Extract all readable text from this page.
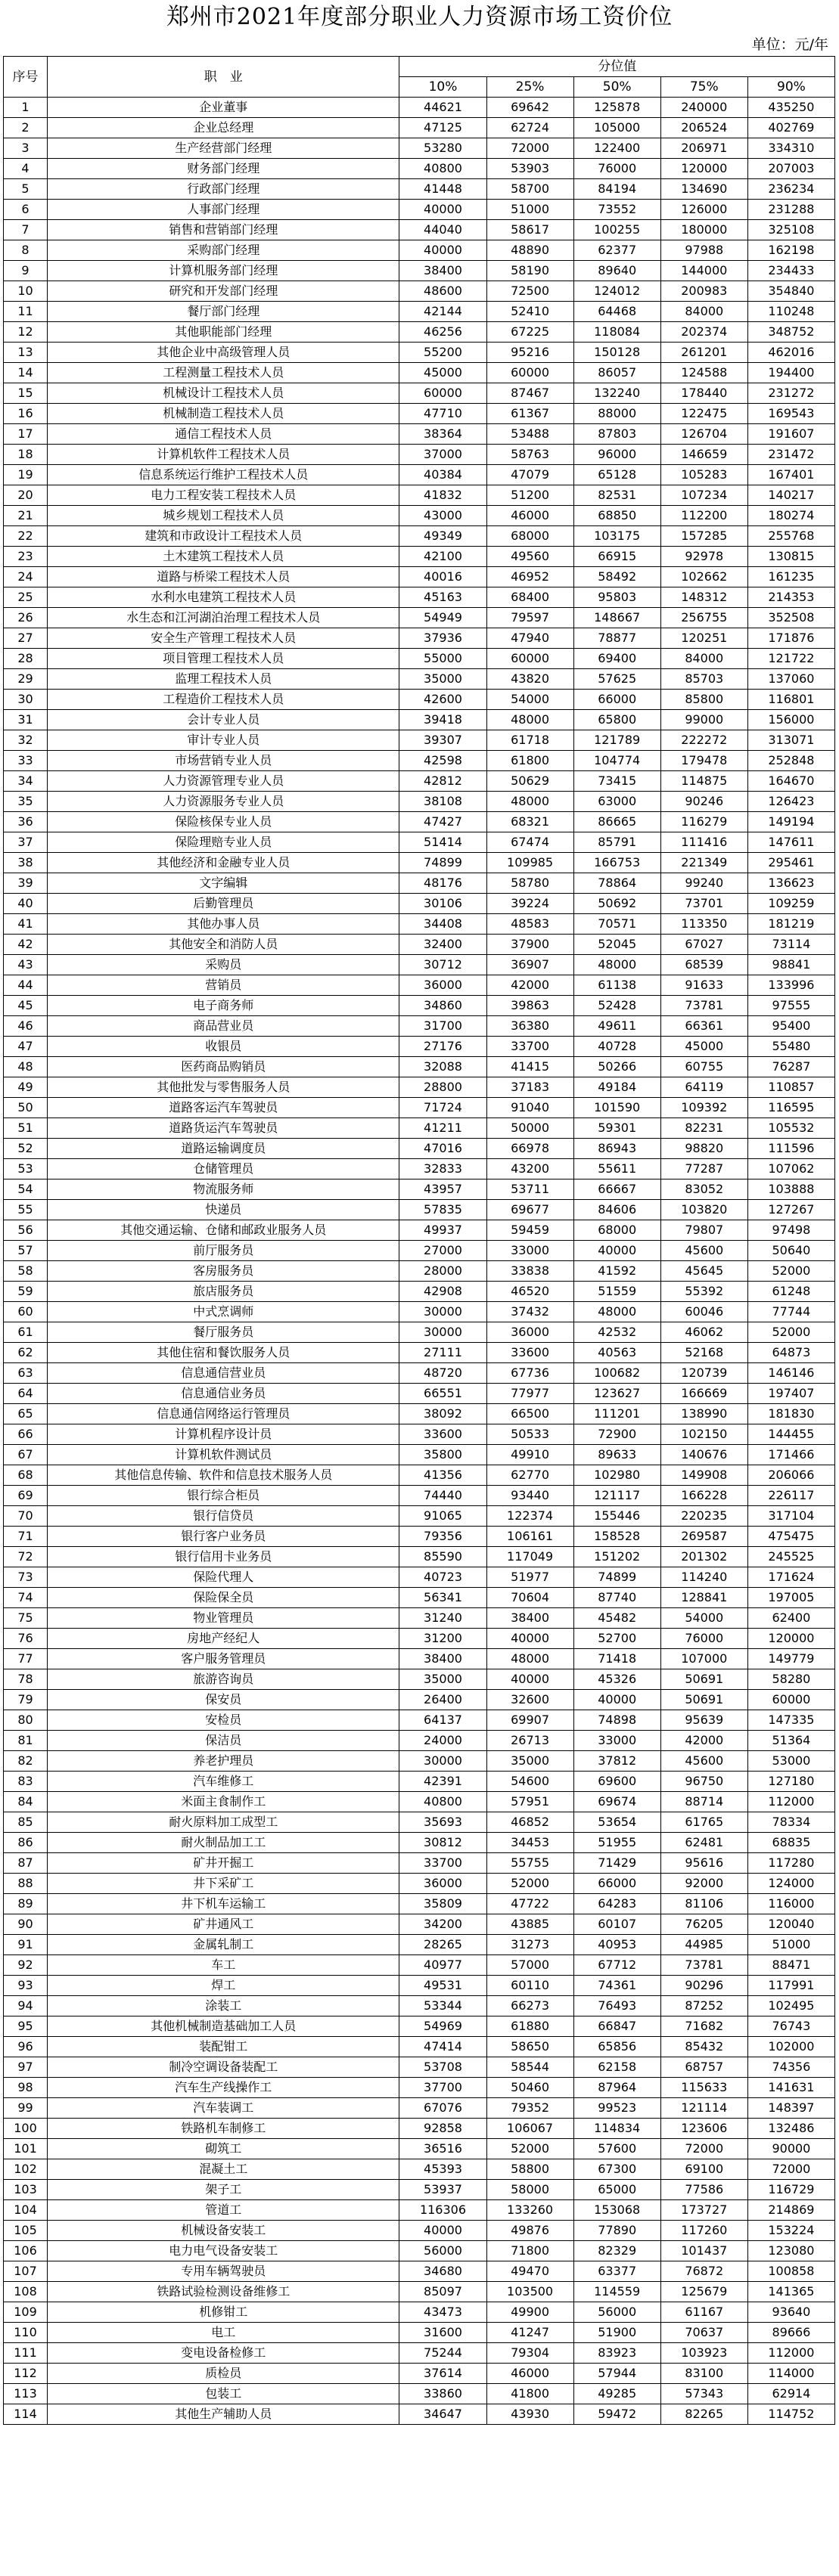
郑州市2021年度部分职业人力资源市场工资价位
单位：元/年
序号	职　业	分位值				
		10%	25%	50%	75%	90%
1	企业董事	44621	69642	125878	240000	435250
2	企业总经理	47125	62724	105000	206524	402769
3	生产经营部门经理	53280	72000	122400	206971	334310
4	财务部门经理	40800	53903	76000	120000	207003
5	行政部门经理	41448	58700	84194	134690	236234
6	人事部门经理	40000	51000	73552	126000	231288
7	销售和营销部门经理	44040	58617	100255	180000	325108
8	采购部门经理	40000	48890	62377	97988	162198
9	计算机服务部门经理	38400	58190	89640	144000	234433
10	研究和开发部门经理	48600	72500	124012	200983	354840
11	餐厅部门经理	42144	52410	64468	84000	110248
12	其他职能部门经理	46256	67225	118084	202374	348752
13	其他企业中高级管理人员	55200	95216	150128	261201	462016
14	工程测量工程技术人员	45000	60000	86057	124588	194400
15	机械设计工程技术人员	60000	87467	132240	178440	231272
16	机械制造工程技术人员	47710	61367	88000	122475	169543
17	通信工程技术人员	38364	53488	87803	126704	191607
18	计算机软件工程技术人员	37000	58763	96000	146659	231472
19	信息系统运行维护工程技术人员	40384	47079	65128	105283	167401
20	电力工程安装工程技术人员	41832	51200	82531	107234	140217
21	城乡规划工程技术人员	43000	46000	68850	112200	180274
22	建筑和市政设计工程技术人员	49349	68000	103175	157285	255768
23	土木建筑工程技术人员	42100	49560	66915	92978	130815
24	道路与桥梁工程技术人员	40016	46952	58492	102662	161235
25	水利水电建筑工程技术人员	45163	68400	95803	148312	214353
26	水生态和江河湖泊治理工程技术人员	54949	79597	148667	256755	352508
27	安全生产管理工程技术人员	37936	47940	78877	120251	171876
28	项目管理工程技术人员	55000	60000	69400	84000	121722
29	监理工程技术人员	35000	43820	57625	85703	137060
30	工程造价工程技术人员	42600	54000	66000	85800	116801
31	会计专业人员	39418	48000	65800	99000	156000
32	审计专业人员	39307	61718	121789	222272	313071
33	市场营销专业人员	42598	61800	104774	179478	252848
34	人力资源管理专业人员	42812	50629	73415	114875	164670
35	人力资源服务专业人员	38108	48000	63000	90246	126423
36	保险核保专业人员	47427	68321	86665	116279	149194
37	保险理赔专业人员	51414	67474	85791	111416	147611
38	其他经济和金融专业人员	74899	109985	166753	221349	295461
39	文字编辑	48176	58780	78864	99240	136623
40	后勤管理员	30106	39224	50692	73701	109259
41	其他办事人员	34408	48583	70571	113350	181219
42	其他安全和消防人员	32400	37900	52045	67027	73114
43	采购员	30712	36907	48000	68539	98841
44	营销员	36000	42000	61138	91633	133996
45	电子商务师	34860	39863	52428	73781	97555
46	商品营业员	31700	36380	49611	66361	95400
47	收银员	27176	33700	40728	45000	55480
48	医药商品购销员	32088	41415	50266	60755	76287
49	其他批发与零售服务人员	28800	37183	49184	64119	110857
50	道路客运汽车驾驶员	71724	91040	101590	109392	116595
51	道路货运汽车驾驶员	41211	50000	59301	82231	105532
52	道路运输调度员	47016	66978	86943	98820	111596
53	仓储管理员	32833	43200	55611	77287	107062
54	物流服务师	43957	53711	66667	83052	103888
55	快递员	57835	69677	84606	103820	127267
56	其他交通运输、仓储和邮政业服务人员	49937	59459	68000	79807	97498
57	前厅服务员	27000	33000	40000	45600	50640
58	客房服务员	28000	33838	41592	45645	52000
59	旅店服务员	42908	46520	51559	55392	61248
60	中式烹调师	30000	37432	48000	60046	77744
61	餐厅服务员	30000	36000	42532	46062	52000
62	其他住宿和餐饮服务人员	27111	33600	40563	52168	64873
63	信息通信营业员	48720	67736	100682	120739	146146
64	信息通信业务员	66551	77977	123627	166669	197407
65	信息通信网络运行管理员	38092	66500	111201	138990	181830
66	计算机程序设计员	33600	50533	72900	102150	144455
67	计算机软件测试员	35800	49910	89633	140676	171466
68	其他信息传输、软件和信息技术服务人员	41356	62770	102980	149908	206066
69	银行综合柜员	74440	93440	121117	166228	226117
70	银行信贷员	91065	122374	155446	220235	317104
71	银行客户业务员	79356	106161	158528	269587	475475
72	银行信用卡业务员	85590	117049	151202	201302	245525
73	保险代理人	40723	51977	74899	114240	171624
74	保险保全员	56341	70604	87740	128841	197005
75	物业管理员	31240	38400	45482	54000	62400
76	房地产经纪人	31200	40000	52700	76000	120000
77	客户服务管理员	38400	48000	71418	107000	149779
78	旅游咨询员	35000	40000	45326	50691	58280
79	保安员	26400	32600	40000	50691	60000
80	安检员	64137	69907	74898	95639	147335
81	保洁员	24000	26713	33000	42000	51364
82	养老护理员	30000	35000	37812	45600	53000
83	汽车维修工	42391	54600	69600	96750	127180
84	米面主食制作工	40800	57951	69674	88714	112000
85	耐火原料加工成型工	35693	46852	53654	61765	78334
86	耐火制品加工工	30812	34453	51955	62481	68835
87	矿井开掘工	33700	55755	71429	95616	117280
88	井下采矿工	36000	52000	66000	92000	124000
89	井下机车运输工	35809	47722	64283	81106	116000
90	矿井通风工	34200	43885	60107	76205	120040
91	金属轧制工	28265	31273	40953	44985	51000
92	车工	40977	57000	67712	73781	88471
93	焊工	49531	60110	74361	90296	117991
94	涂装工	53344	66273	76493	87252	102495
95	其他机械制造基础加工人员	54969	61880	66847	71682	76743
96	装配钳工	47414	58650	65856	85432	102000
97	制冷空调设备装配工	53708	58544	62158	68757	74356
98	汽车生产线操作工	37700	50460	87964	115633	141631
99	汽车装调工	67076	79352	99523	121114	148397
100	铁路机车制修工	92858	106067	114834	123606	132486
101	砌筑工	36516	52000	57600	72000	90000
102	混凝土工	45393	58800	67300	69100	72000
103	架子工	53937	58000	65000	77586	116729
104	管道工	116306	133260	153068	173727	214869
105	机械设备安装工	40000	49876	77890	117260	153224
106	电力电气设备安装工	56000	71800	82329	101437	123080
107	专用车辆驾驶员	34680	49470	63377	76872	100858
108	铁路试验检测设备维修工	85097	103500	114559	125679	141365
109	机修钳工	43473	49900	56000	61167	93640
110	电工	31600	41247	51900	70637	89666
111	变电设备检修工	75244	79304	83923	103923	112000
112	质检员	37614	46000	57944	83100	114000
113	包装工	33860	41800	49285	57343	62914
114	其他生产辅助人员	34647	43930	59472	82265	114752
